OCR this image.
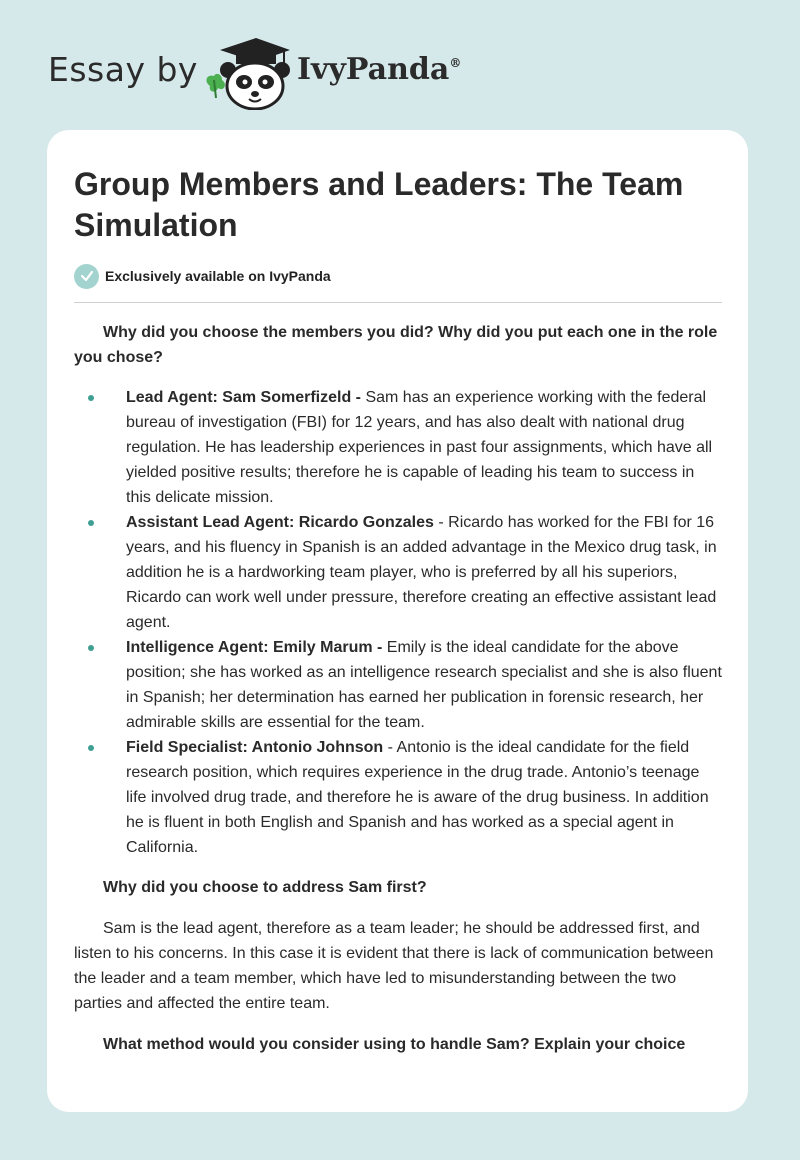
Essay by	IvyPanda®
Group Members and Leaders: The Team Simulation
Exclusively available on IvyPanda

Why did you choose the members you did? Why did you put each one in the role you chose?

Lead Agent: Sam Somerfizeld - Sam has an experience working with the federal bureau of investigation (FBI) for 12 years, and has also dealt with national drug regulation. He has leadership experiences in past four assignments, which have all yielded positive results; therefore he is capable of leading his team to success in this delicate mission.
Assistant Lead Agent: Ricardo Gonzales - Ricardo has worked for the FBI for 16 years, and his fluency in Spanish is an added advantage in the Mexico drug task, in addition he is a hardworking team player, who is preferred by all his superiors, Ricardo can work well under pressure, therefore creating an effective assistant lead agent.
Intelligence Agent: Emily Marum - Emily is the ideal candidate for the above position; she has worked as an intelligence research specialist and she is also fluent in Spanish; her determination has earned her publication in forensic research, her admirable skills are essential for the team.
Field Specialist: Antonio Johnson - Antonio is the ideal candidate for the field research position, which requires experience in the drug trade. Antonio’s teenage life involved drug trade, and therefore he is aware of the drug business. In addition he is fluent in both English and Spanish and has worked as a special agent in California.

Why did you choose to address Sam first?

Sam is the lead agent, therefore as a team leader; he should be addressed first, and listen to his concerns. In this case it is evident that there is lack of communication between the leader and a team member, which have led to misunderstanding between the two parties and affected the entire team.

What method would you consider using to handle Sam? Explain your choice
